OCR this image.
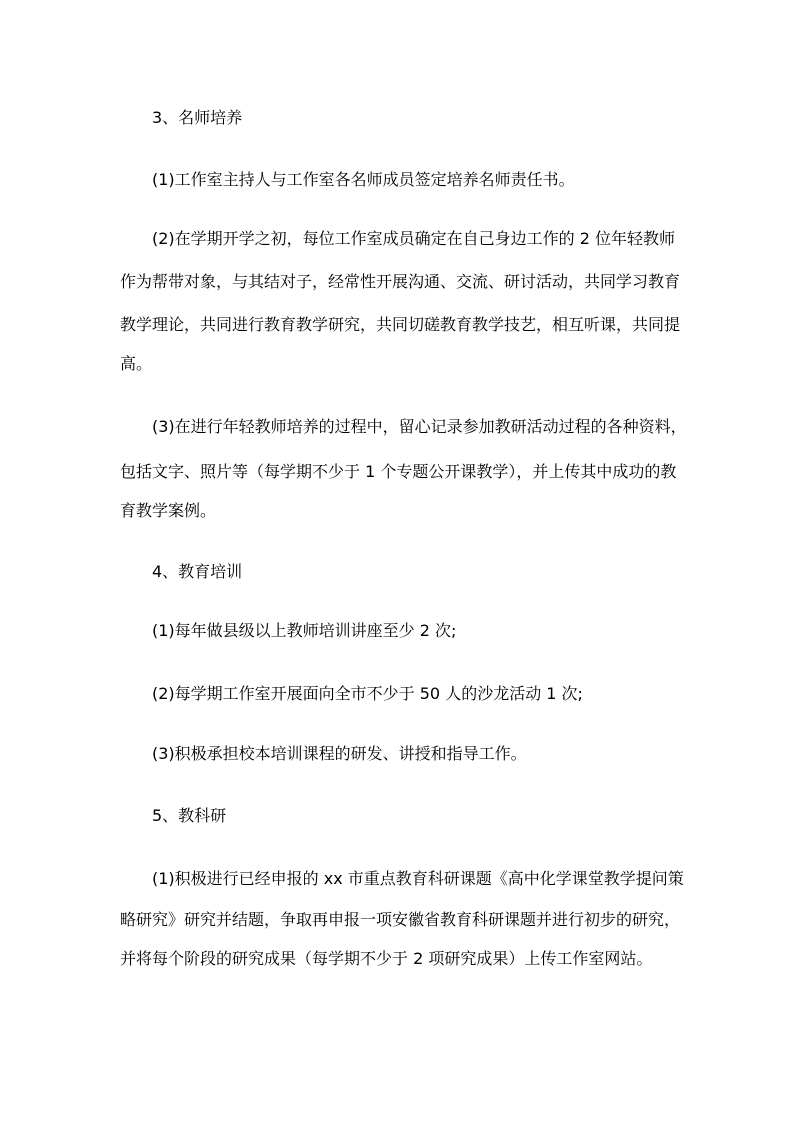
3、名师培养
(1)工作室主持人与工作室各名师成员签定培养名师责任书。
(2)在学期开学之初，每位工作室成员确定在自己身边工作的 2 位年轻教师
作为帮带对象，与其结对子，经常性开展沟通、交流、研讨活动，共同学习教育
教学理论，共同进行教育教学研究，共同切磋教育教学技艺，相互听课，共同提
高。
(3)在进行年轻教师培养的过程中，留心记录参加教研活动过程的各种资料，
包括文字、照片等（每学期不少于 1 个专题公开课教学），并上传其中成功的教
育教学案例。
4、教育培训
(1)每年做县级以上教师培训讲座至少 2 次;
(2)每学期工作室开展面向全市不少于 50 人的沙龙活动 1 次;
(3)积极承担校本培训课程的研发、讲授和指导工作。
5、教科研
(1)积极进行已经申报的 xx 市重点教育科研课题《高中化学课堂教学提问策
略研究》研究并结题，争取再申报一项安徽省教育科研课题并进行初步的研究，
并将每个阶段的研究成果（每学期不少于 2 项研究成果）上传工作室网站。
